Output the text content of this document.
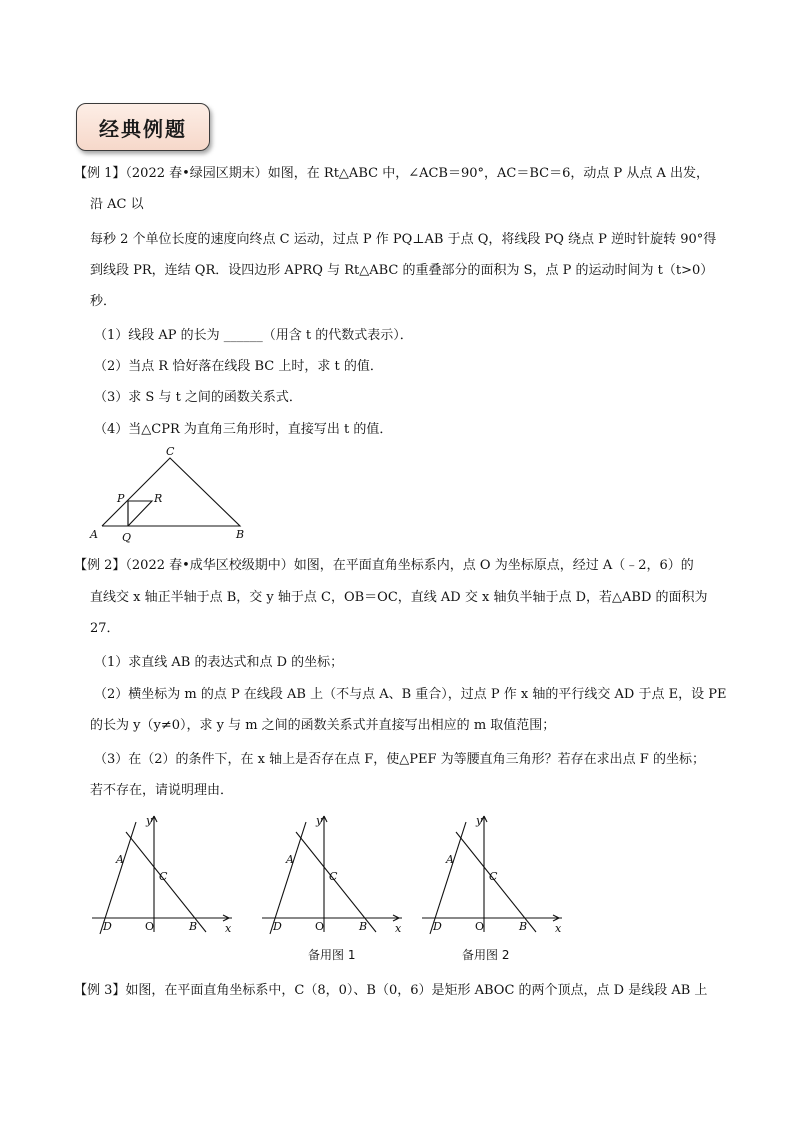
经典例题
【例 1】（2022 春•绿园区期末）如图，在 Rt△ABC 中，∠ACB＝90°，AC＝BC＝6，动点 P 从点 A 出发，
沿 AC 以
每秒 2 个单位长度的速度向终点 C 运动，过点 P 作 PQ⊥AB 于点 Q，将线段 PQ 绕点 P 逆时针旋转 90°得
到线段 PR，连结 QR．设四边形 APRQ 与 Rt△ABC 的重叠部分的面积为 S，点 P 的运动时间为 t（t>0）
秒．
（1）线段 AP 的长为 ______（用含 t 的代数式表示）．
（2）当点 R 恰好落在线段 BC 上时，求 t 的值．
（3）求 S 与 t 之间的函数关系式．
（4）当△CPR 为直角三角形时，直接写出 t 的值．
A	B
C
P
Q
R
【例 2】（2022 春•成华区校级期中）如图，在平面直角坐标系内，点 O 为坐标原点，经过 A（﹣2，6）的
直线交 x 轴正半轴于点 B，交 y 轴于点 C，OB＝OC，直线 AD 交 x 轴负半轴于点 D，若△ABD 的面积为
27．
（1）求直线 AB 的表达式和点 D 的坐标；
（2）横坐标为 m 的点 P 在线段 AB 上（不与点 A、B 重合），过点 P 作 x 轴的平行线交 AD 于点 E，设 PE
的长为 y（y≠0），求 y 与 m 之间的函数关系式并直接写出相应的 m 取值范围；
（3）在（2）的条件下，在 x 轴上是否存在点 F，使△PEF 为等腰直角三角形？若存在求出点 F 的坐标；
若不存在，请说明理由．
y
x
A
C
D	O	B
y
x
A
C
D	O	B
备用图 1
y
x
A
C
D	O	B
备用图 2
【例 3】如图，在平面直角坐标系中，C（8，0）、B（0，6）是矩形 ABOC 的两个顶点，点 D 是线段 AB 上
